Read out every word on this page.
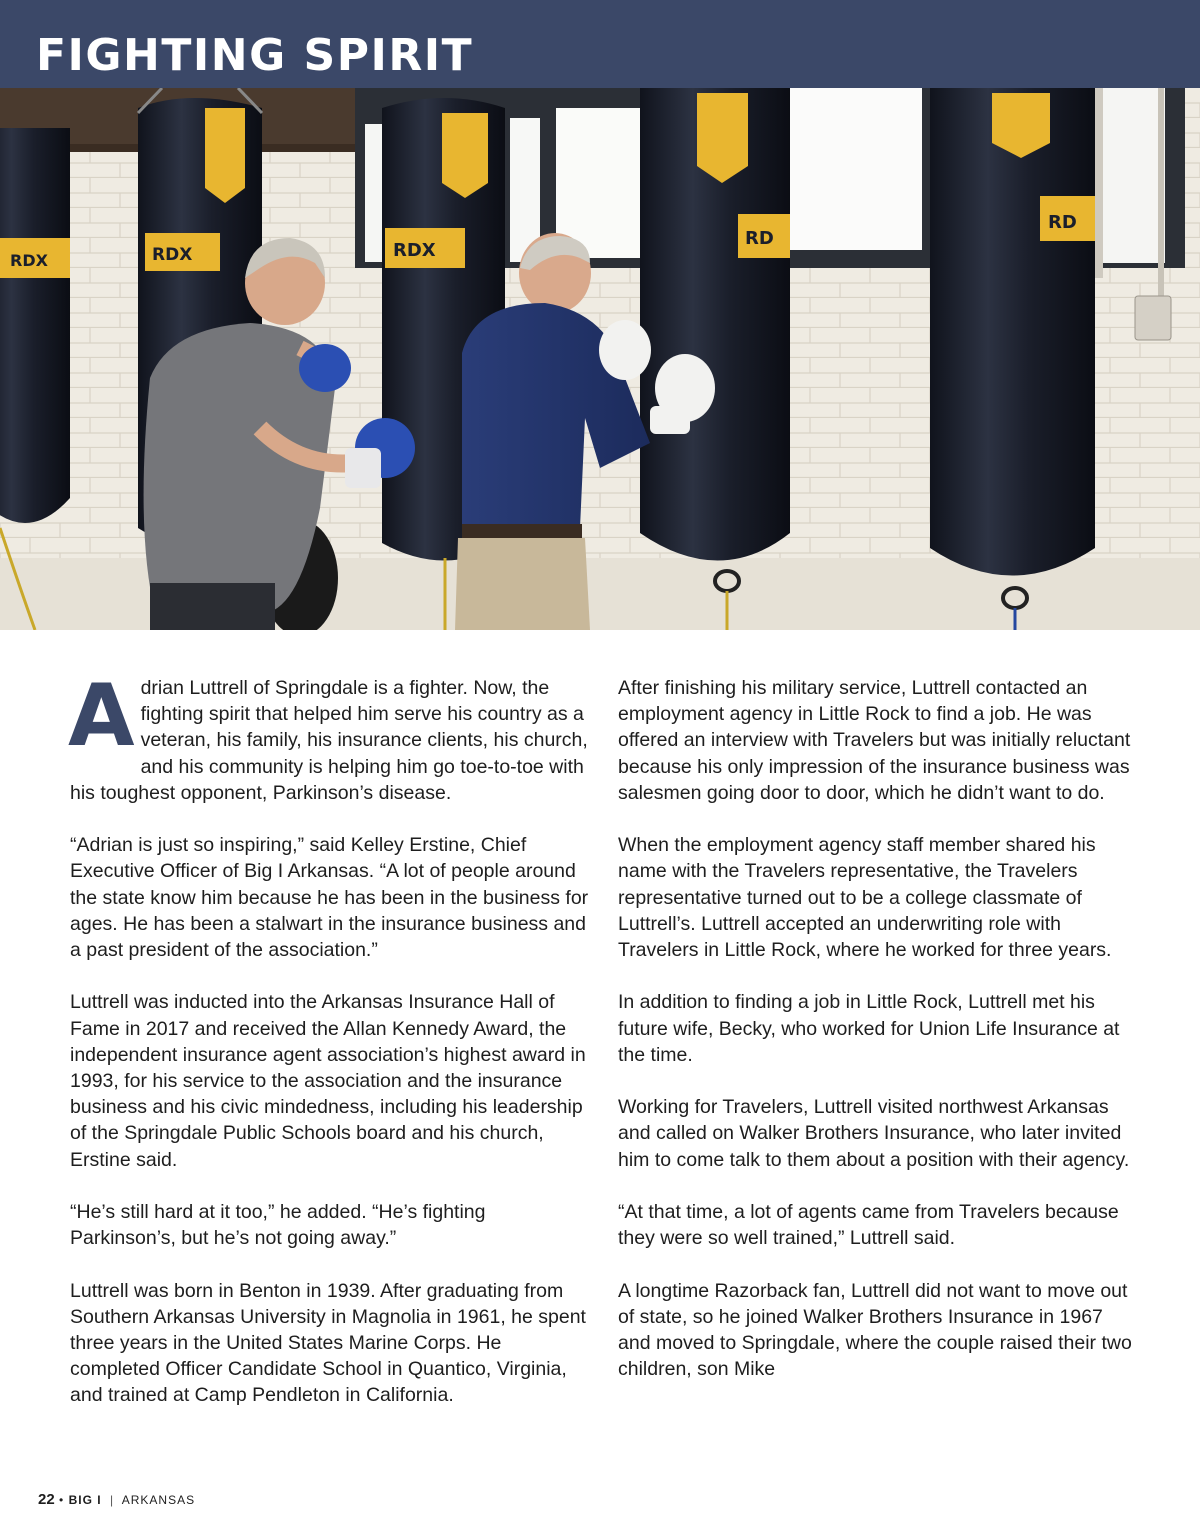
FIGHTING SPIRIT
RDX	RDX	RDX
RD
RD

Adrian Luttrell of Springdale is a fighter. Now, the fighting spirit that helped him serve his country as a veteran, his family, his insurance clients, his church, and his community is helping him go toe-to-toe with his toughest opponent, Parkinson’s disease.

“Adrian is just so inspiring,” said Kelley Erstine, Chief Executive Officer of Big I Arkansas. “A lot of people around the state know him because he has been in the business for ages. He has been a stalwart in the insurance business and a past president of the association.”

Luttrell was inducted into the Arkansas Insurance Hall of Fame in 2017 and received the Allan Kennedy Award, the independent insurance agent association’s highest award in 1993, for his service to the association and the insurance business and his civic mindedness, including his leadership of the Springdale Public Schools board and his church, Erstine said.

“He’s still hard at it too,” he added. “He’s fighting Parkinson’s, but he’s not going away.”

Luttrell was born in Benton in 1939. After graduating from Southern Arkansas University in Magnolia in 1961, he spent three years in the United States Marine Corps. He completed Officer Candidate School in Quantico, Virginia, and trained at Camp Pendleton in California.

After finishing his military service, Luttrell contacted an employment agency in Little Rock to find a job. He was offered an interview with Travelers but was initially reluctant because his only impression of the insurance business was salesmen going door to door, which he didn’t want to do.

When the employment agency staff member shared his name with the Travelers representative, the Travelers representative turned out to be a college classmate of Luttrell’s. Luttrell accepted an underwriting role with Travelers in Little Rock, where he worked for three years.

In addition to finding a job in Little Rock, Luttrell met his future wife, Becky, who worked for Union Life Insurance at the time.

Working for Travelers, Luttrell visited northwest Arkansas and called on Walker Brothers Insurance, who later invited him to come talk to them about a position with their agency.

“At that time, a lot of agents came from Travelers because they were so well trained,” Luttrell said.

A longtime Razorback fan, Luttrell did not want to move out of state, so he joined Walker Brothers Insurance in 1967 and moved to Springdale, where the couple raised their two children, son Mike

22 • BIG I | ARKANSAS
